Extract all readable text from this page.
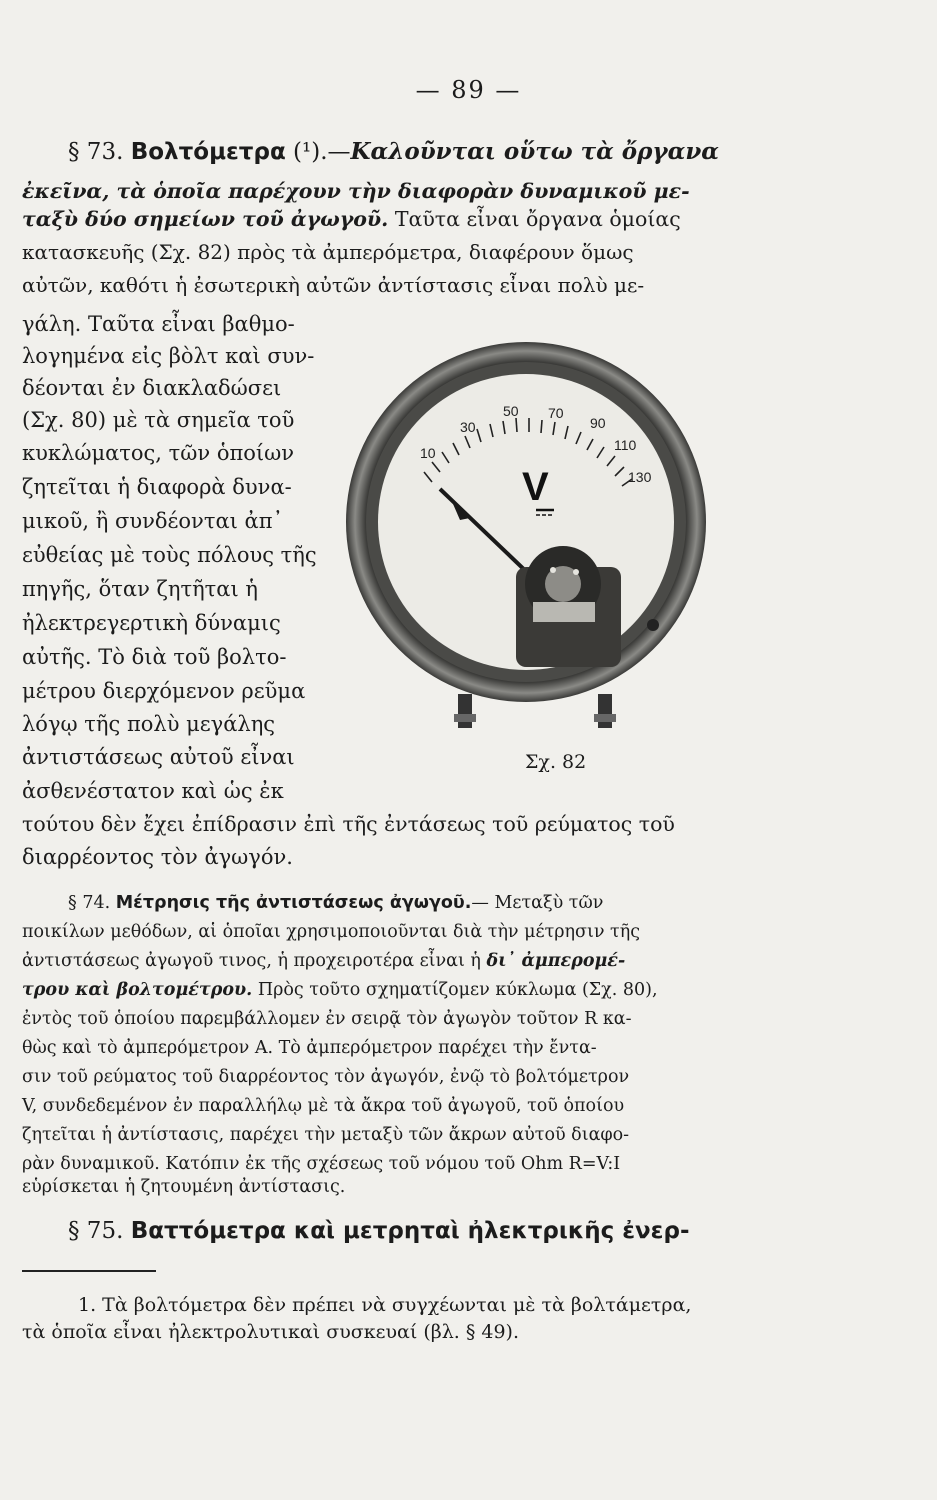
— 89 —
§ 73. Βολτόμετρα (¹).—Καλοῦνται οὕτω τὰ ὄργανα
ἐκεῖνα, τὰ ὁποῖα παρέχουν τὴν διαφορὰν δυναμικοῦ με-
ταξὺ δύο σημείων τοῦ ἀγωγοῦ. Ταῦτα εἶναι ὄργανα ὁμοίας
κατασκευῆς (Σχ. 82) πρὸς τὰ ἀμπερόμετρα, διαφέρουν ὅμως
αὐτῶν, καθότι ἡ ἐσωτερικὴ αὐτῶν ἀντίστασις εἶναι πολὺ με-
γάλη. Ταῦτα εἶναι βαθμο-
λογημένα εἰς βὸλτ καὶ συν-
δέονται ἐν διακλαδώσει
(Σχ. 80) μὲ τὰ σημεῖα τοῦ
κυκλώματος, τῶν ὁποίων
ζητεῖται ἡ διαφορὰ δυνα-
μικοῦ, ἢ συνδέονται ἀπ᾽
εὐθείας μὲ τοὺς πόλους τῆς
πηγῆς, ὅταν ζητῆται ἡ
ἠλεκτρεγερτικὴ δύναμις
αὐτῆς. Τὸ διὰ τοῦ βολτο-
μέτρου διερχόμενον ρεῦμα
λόγῳ τῆς πολὺ μεγάλης
ἀντιστάσεως αὐτοῦ εἶναι
ἀσθενέστατον καὶ ὡς ἐκ
τούτου δὲν ἔχει ἐπίδρασιν ἐπὶ τῆς ἐντάσεως τοῦ ρεύματος τοῦ
διαρρέοντος τὸν ἀγωγόν.
10
30
50 70
90
110
130
V
Σχ. 82
§ 74. Μέτρησις τῆς ἀντιστάσεως ἀγωγοῦ.— Μεταξὺ τῶν
ποικίλων μεθόδων, αἱ ὁποῖαι χρησιμοποιοῦνται διὰ τὴν μέτρησιν τῆς
ἀντιστάσεως ἀγωγοῦ τινος, ἡ προχειροτέρα εἶναι ἡ δι᾽ ἀμπερομέ-
τρου καὶ βολτομέτρου. Πρὸς τοῦτο σχηματίζομεν κύκλωμα (Σχ. 80),
ἐντὸς τοῦ ὁποίου παρεμβάλλομεν ἐν σειρᾷ τὸν ἀγωγὸν τοῦτον R κα-
θὼς καὶ τὸ ἀμπερόμετρον A. Τὸ ἀμπερόμετρον παρέχει τὴν ἔντα-
σιν τοῦ ρεύματος τοῦ διαρρέοντος τὸν ἀγωγόν, ἐνῷ τὸ βολτόμετρον
V, συνδεδεμένον ἐν παραλλήλῳ μὲ τὰ ἄκρα τοῦ ἀγωγοῦ, τοῦ ὁποίου
ζητεῖται ἡ ἀντίστασις, παρέχει τὴν μεταξὺ τῶν ἄκρων αὐτοῦ διαφο-
ρὰν δυναμικοῦ. Κατόπιν ἐκ τῆς σχέσεως τοῦ νόμου τοῦ Ohm R=V:I
εὑρίσκεται ἡ ζητουμένη ἀντίστασις.
§ 75. Βαττόμετρα καὶ μετρηταὶ ἠλεκτρικῆς ἐνερ-
1. Τὰ βολτόμετρα δὲν πρέπει νὰ συγχέωνται μὲ τὰ βολτάμετρα,
τὰ ὁποῖα εἶναι ἠλεκτρολυτικαὶ συσκευαί (βλ. § 49).
